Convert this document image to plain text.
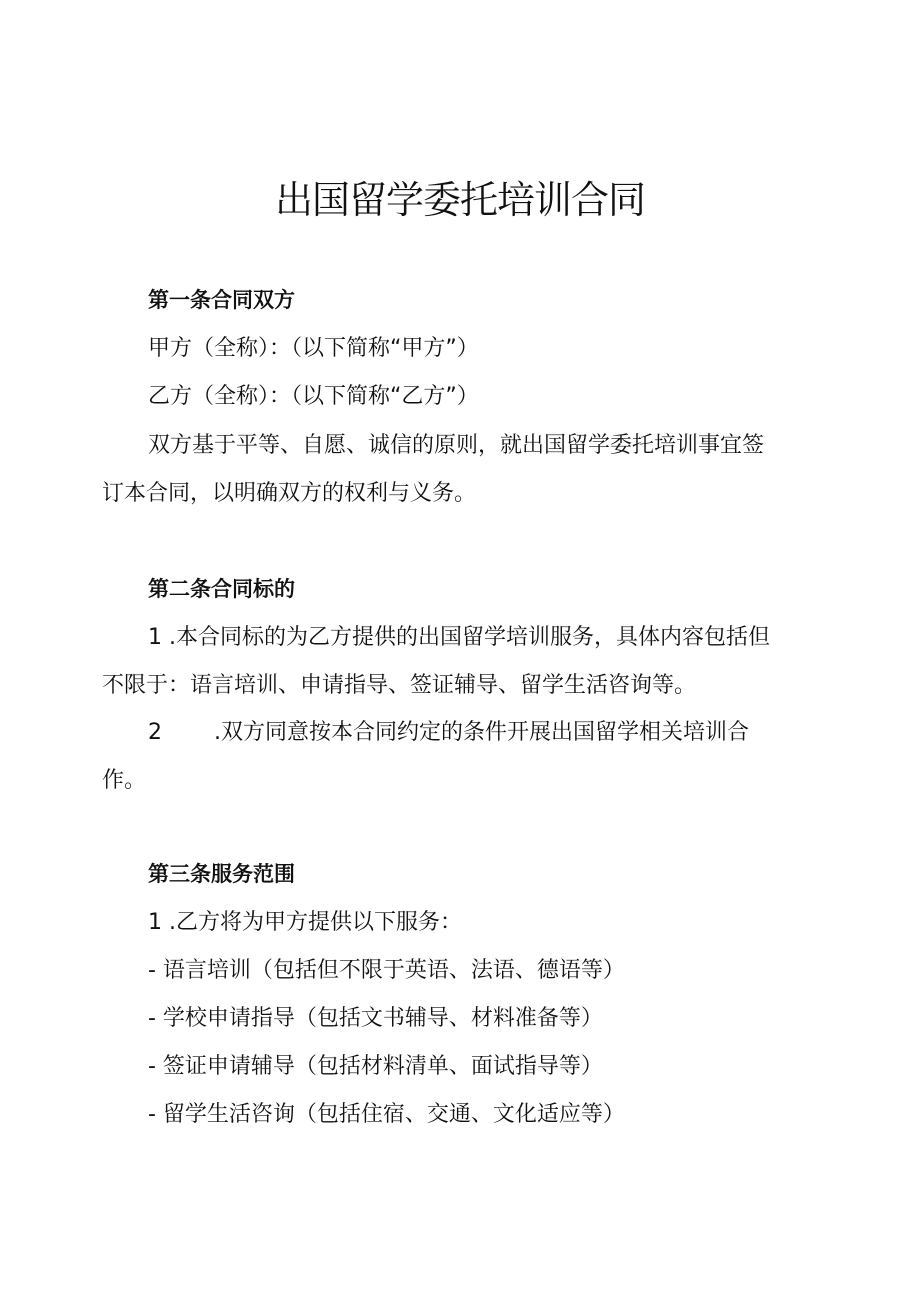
出国留学委托培训合同

第一条合同双方

甲方（全称）：（以下简称“甲方”）

乙方（全称）：（以下简称“乙方”）

双方基于平等、自愿、诚信的原则，就出国留学委托培训事宜签

订本合同，以明确双方的权利与义务。

第二条合同标的

1 .本合同标的为乙方提供的出国留学培训服务，具体内容包括但

不限于：语言培训、申请指导、签证辅导、留学生活咨询等。

2 .双方同意按本合同约定的条件开展出国留学相关培训合

作。

第三条服务范围

1 .乙方将为甲方提供以下服务：

- 语言培训（包括但不限于英语、法语、德语等）

- 学校申请指导（包括文书辅导、材料准备等）

- 签证申请辅导（包括材料清单、面试指导等）

- 留学生活咨询（包括住宿、交通、文化适应等）
